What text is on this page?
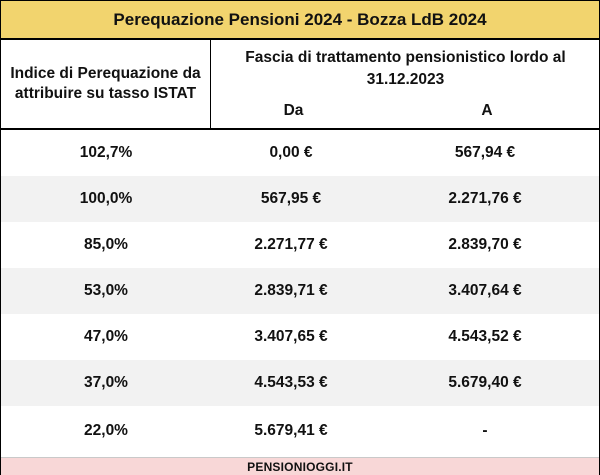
Perequazione Pensioni 2024 - Bozza LdB 2024
Indice di Perequazione da attribuire su tasso ISTAT
Fascia di trattamento pensionistico lordo al 31.12.2023
Da	A
102,7%	0,00 €	567,94 €
100,0%	567,95 €	2.271,76 €
85,0%	2.271,77 €	2.839,70 €
53,0%	2.839,71 €	3.407,64 €
47,0%	3.407,65 €	4.543,52 €
37,0%	4.543,53 €	5.679,40 €
22,0%	5.679,41 €	-
PENSIONIOGGI.IT
